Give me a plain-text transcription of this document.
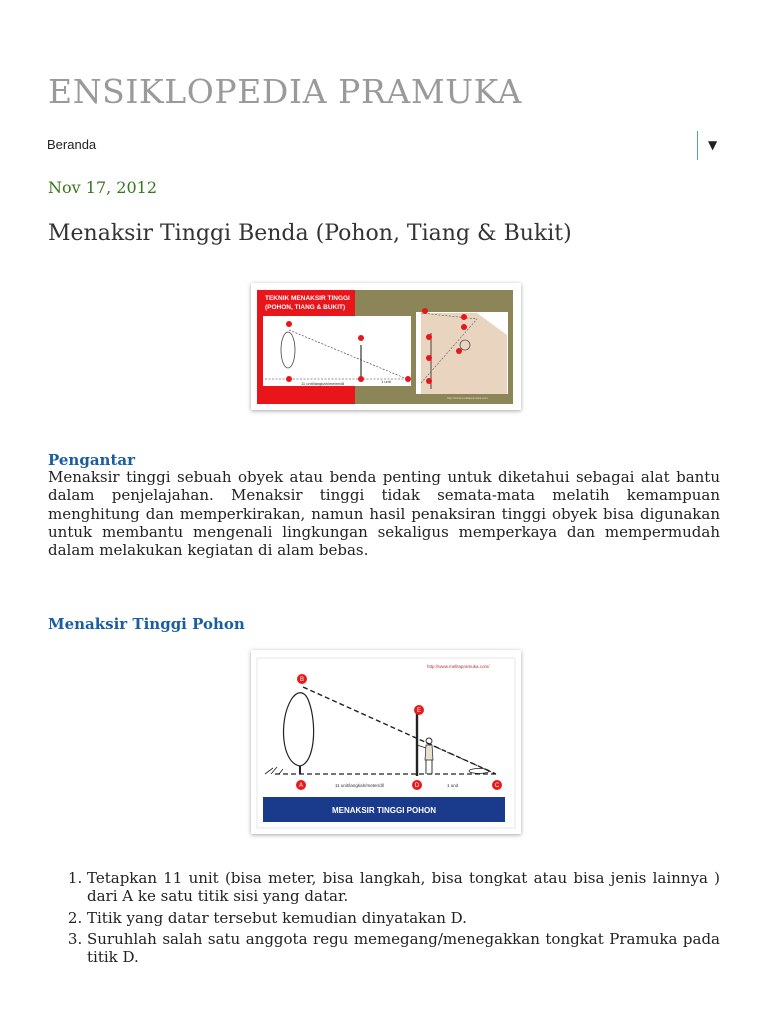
ENSIKLOPEDIA PRAMUKA
Beranda	▼
Nov 17, 2012
Menaksir Tinggi Benda (Pohon, Tiang & Bukit)
TEKNIK MENAKSIR TINGGI
(POHON, TIANG & BUKIT)
11 unit/langkah/meter/dll	1 unit
http://www.melitapramuka.com
Pengantar
Menaksir tinggi sebuah obyek atau benda penting untuk diketahui sebagai alat bantu dalam penjelajahan. Menaksir tinggi tidak semata-mata melatih kemampuan menghitung dan memperkirakan, namun hasil penaksiran tinggi obyek bisa digunakan untuk membantu mengenali lingkungan sekaligus memperkaya dan mempermudah dalam melakukan kegiatan di alam bebas.
Menaksir Tinggi Pohon
http://www.melitapramuka.com/
B
E
A	D	C
11 unit/langkah/meter/dll	1 unit
MENAKSIR TINGGI POHON
1. Tetapkan 11 unit (bisa meter, bisa langkah, bisa tongkat atau bisa jenis lainnya ) dari A ke satu titik sisi yang datar.
2. Titik yang datar tersebut kemudian dinyatakan D.
3. Suruhlah salah satu anggota regu memegang/menegakkan tongkat Pramuka pada titik D.
